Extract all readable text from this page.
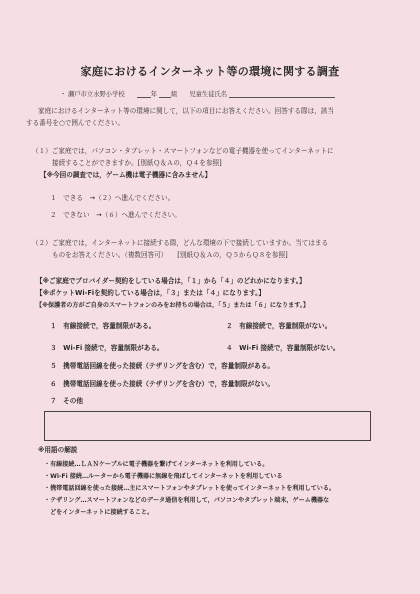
家庭におけるインターネット等の環境に関する調査
・ 瀬戸市立水野小学校	年 組 児童生徒氏名
家庭におけるインターネット等の環境に関して，以下の項目にお答えください。回答する際は，該当
する番号を○で囲んでください。
（１）ご家庭では，パソコン・タブレット・スマートフォンなどの電子機器を使ってインターネットに
接続することができますか。[別紙Ｑ＆Ａの，Ｑ４を参照]
【※今回の調査では，ゲーム機は電子機器に含みません】
１　できる　→（２）へ進んでください。
２　できない　→（６）へ進んでください。
（２）ご家庭では，インターネットに接続する際，どんな環境の下で接続していますか。当てはまる
ものをお答えください。（複数回答可）　　[別紙Ｑ＆Ａの，Ｑ５からＱ８を参照]
【※ご家庭でプロバイダー契約をしている場合は，「１」から「４」のどれかになります。】
【※ポケットWi-Fiを契約している場合は，「３」または「４」になります。】
【※保護者の方がご自身のスマートフォンのみをお持ちの場合は，「５」または「６」になります。】
１　有線接続で，容量制限がある。	２　有線接続で，容量制限がない。
３　Wi-Fi 接続で，容量制限がある。	４　Wi-Fi 接続で，容量制限がない。
５　携帯電話回線を使った接続（テザリングを含む）で，容量制限がある。
６　携帯電話回線を使った接続（テザリングを含む）で，容量制限がない。
７　その他
※用語の解説
・有線接続…ＬＡＮケーブルに電子機器を繋げてインターネットを利用している。
・Wi-Fi 接続…ルーターから電子機器に無線を飛ばしてインターネットを利用している
・携帯電話回線を使った接続…主にスマートフォンやタブレットを使ってインターネットを利用している。
・テザリング…スマートフォンなどのデータ通信を利用して，パソコンやタブレット端末，ゲーム機器な
　どをインターネットに接続すること。
